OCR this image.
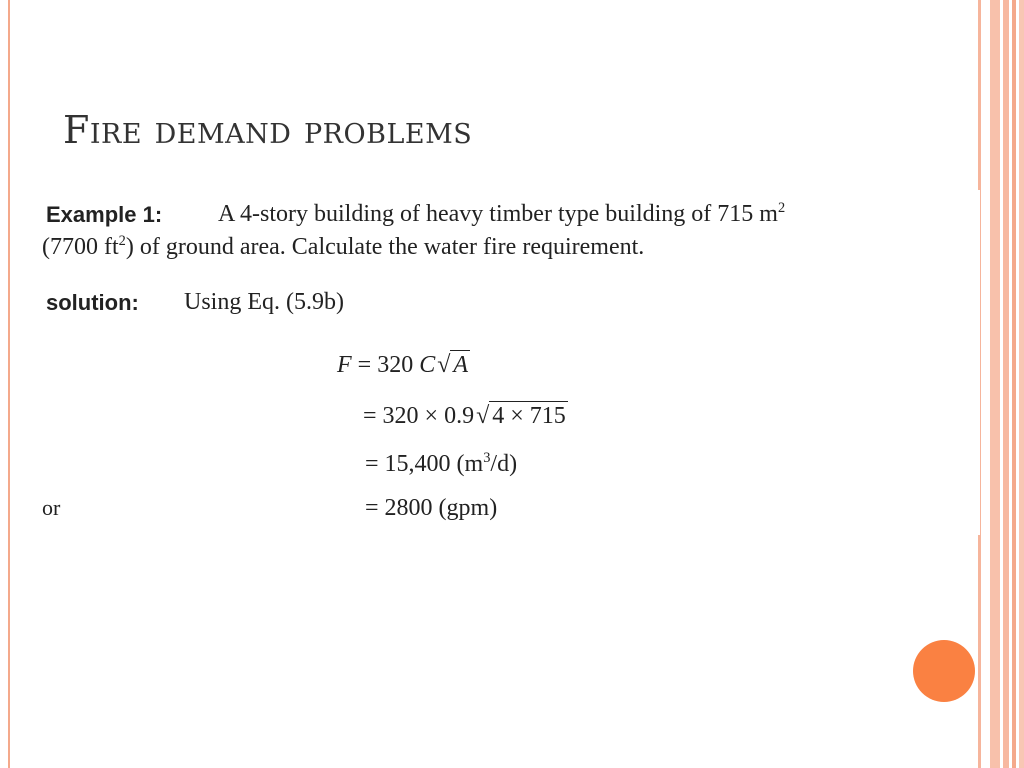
Fire demand problems
Example 1: A 4-story building of heavy timber type building of 715 $m^2$
(7700 $ft^2$) of ground area. Calculate the water fire requirement.
solution: Using Eq. (5.9b)
F = 320 C√ A
= 320 × 0.9√ 4 × 715
= 15,400 $(m^3/d)$
or	= 2800 (gpm)
